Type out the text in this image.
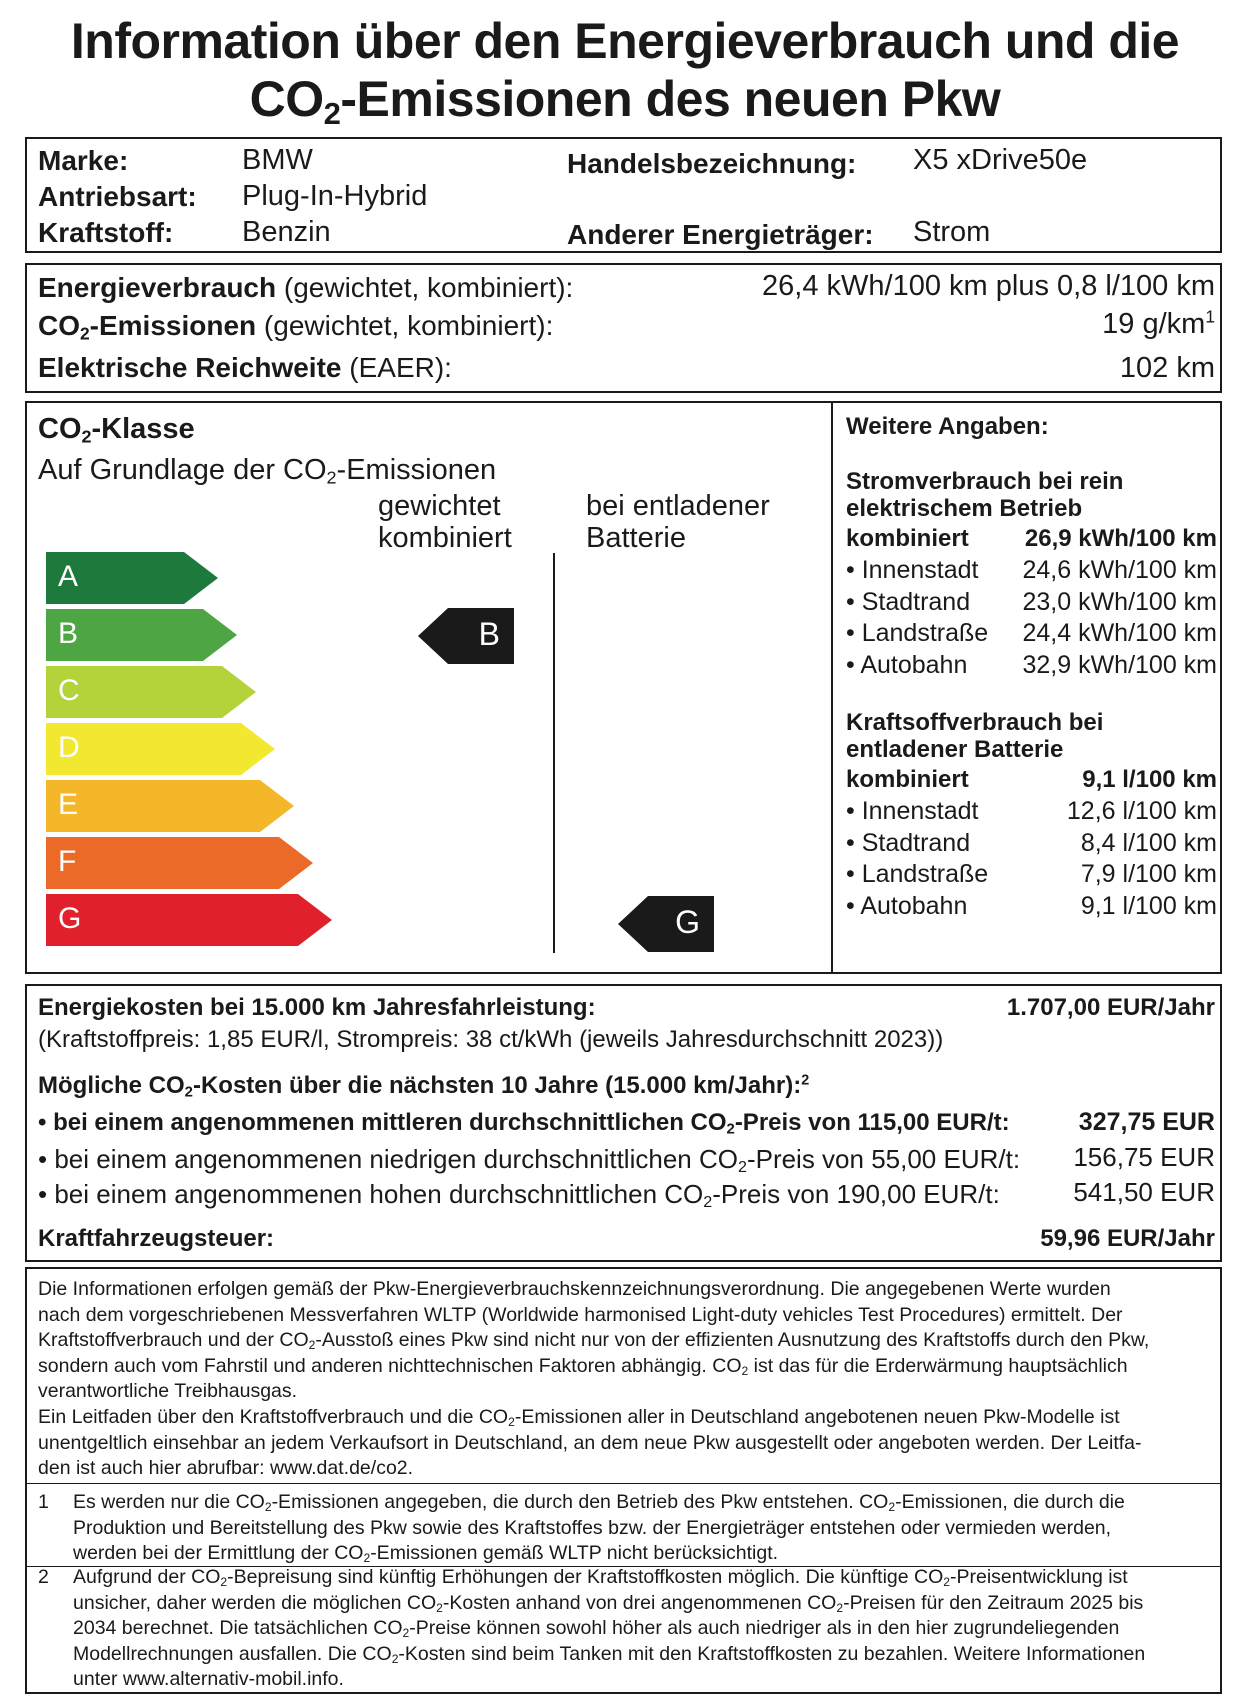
Information über den Energieverbrauch und die
$CO_2$-Emissionen des neuen Pkw
Marke:	BMW
Antriebsart: Plug-In-Hybrid
Kraftstoff: Benzin
Handelsbezeichnung: X5 xDrive50e
Anderer Energieträger: Strom
Energieverbrauch (gewichtet, kombiniert):	26,4 kWh/100 km plus 0,8 l/100 km
$CO_2$-Emissionen (gewichtet, kombiniert):	19 $g/km^1$
Elektrische Reichweite (EAER):	102 km
$CO_2$-Klasse
Auf Grundlage der $CO_2$-Emissionen
gewichtet
kombiniert
bei entladener
Batterie
A
B
C
D
E
F
G
B
G
Weitere Angaben:
Stromverbrauch bei rein
elektrischem Betrieb
kombiniert 26,9 kWh/100 km
• Innenstadt 24,6 kWh/100 km
• Stadtrand 23,0 kWh/100 km
• Landstraße 24,4 kWh/100 km
• Autobahn 32,9 kWh/100 km
Kraftsoffverbrauch bei
entladener Batterie
kombiniert	9,1 l/100 km
• Innenstadt	12,6 l/100 km
• Stadtrand	8,4 l/100 km
• Landstraße	7,9 l/100 km
• Autobahn	9,1 l/100 km
Energiekosten bei 15.000 km Jahresfahrleistung:	1.707,00 EUR/Jahr
(Kraftstoffpreis: 1,85 EUR/l, Strompreis: 38 ct/kWh (jeweils Jahresdurchschnitt 2023))
Mögliche $CO_2$-Kosten über die nächsten 10 Jahre (15.000 km/Jahr):$^2$
• bei einem angenommenen mittleren durchschnittlichen $CO_2$-Preis von 115,00 EUR/t:	327,75 EUR
• bei einem angenommenen niedrigen durchschnittlichen $CO_2$-Preis von 55,00 EUR/t: 156,75 EUR
• bei einem angenommenen hohen durchschnittlichen $CO_2$-Preis von 190,00 EUR/t:	541,50 EUR
Kraftfahrzeugsteuer:	59,96 EUR/Jahr
Die Informationen erfolgen gemäß der Pkw-Energieverbrauchskennzeichnungsverordnung. Die angegebenen Werte wurden
nach dem vorgeschriebenen Messverfahren WLTP (Worldwide harmonised Light-duty vehicles Test Procedures) ermittelt. Der
Kraftstoffverbrauch und der $CO_2$-Ausstoß eines Pkw sind nicht nur von der effizienten Ausnutzung des Kraftstoffs durch den Pkw,
sondern auch vom Fahrstil und anderen nichttechnischen Faktoren abhängig. $CO_2$ ist das für die Erderwärmung hauptsächlich
verantwortliche Treibhausgas.
Ein Leitfaden über den Kraftstoffverbrauch und die $CO_2$-Emissionen aller in Deutschland angebotenen neuen Pkw-Modelle ist
unentgeltlich einsehbar an jedem Verkaufsort in Deutschland, an dem neue Pkw ausgestellt oder angeboten werden. Der Leitfa-
den ist auch hier abrufbar: www.dat.de/co2.
1 Es werden nur die $CO_2$-Emissionen angegeben, die durch den Betrieb des Pkw entstehen. $CO_2$-Emissionen, die durch die
Produktion und Bereitstellung des Pkw sowie des Kraftstoffes bzw. der Energieträger entstehen oder vermieden werden,
werden bei der Ermittlung der $CO_2$-Emissionen gemäß WLTP nicht berücksichtigt.
2 Aufgrund der $CO_2$-Bepreisung sind künftig Erhöhungen der Kraftstoffkosten möglich. Die künftige $CO_2$-Preisentwicklung ist
unsicher, daher werden die möglichen $CO_2$-Kosten anhand von drei angenommenen $CO_2$-Preisen für den Zeitraum 2025 bis
2034 berechnet. Die tatsächlichen $CO_2$-Preise können sowohl höher als auch niedriger als in den hier zugrundeliegenden
Modellrechnungen ausfallen. Die $CO_2$-Kosten sind beim Tanken mit den Kraftstoffkosten zu bezahlen. Weitere Informationen
unter www.alternativ-mobil.info.
